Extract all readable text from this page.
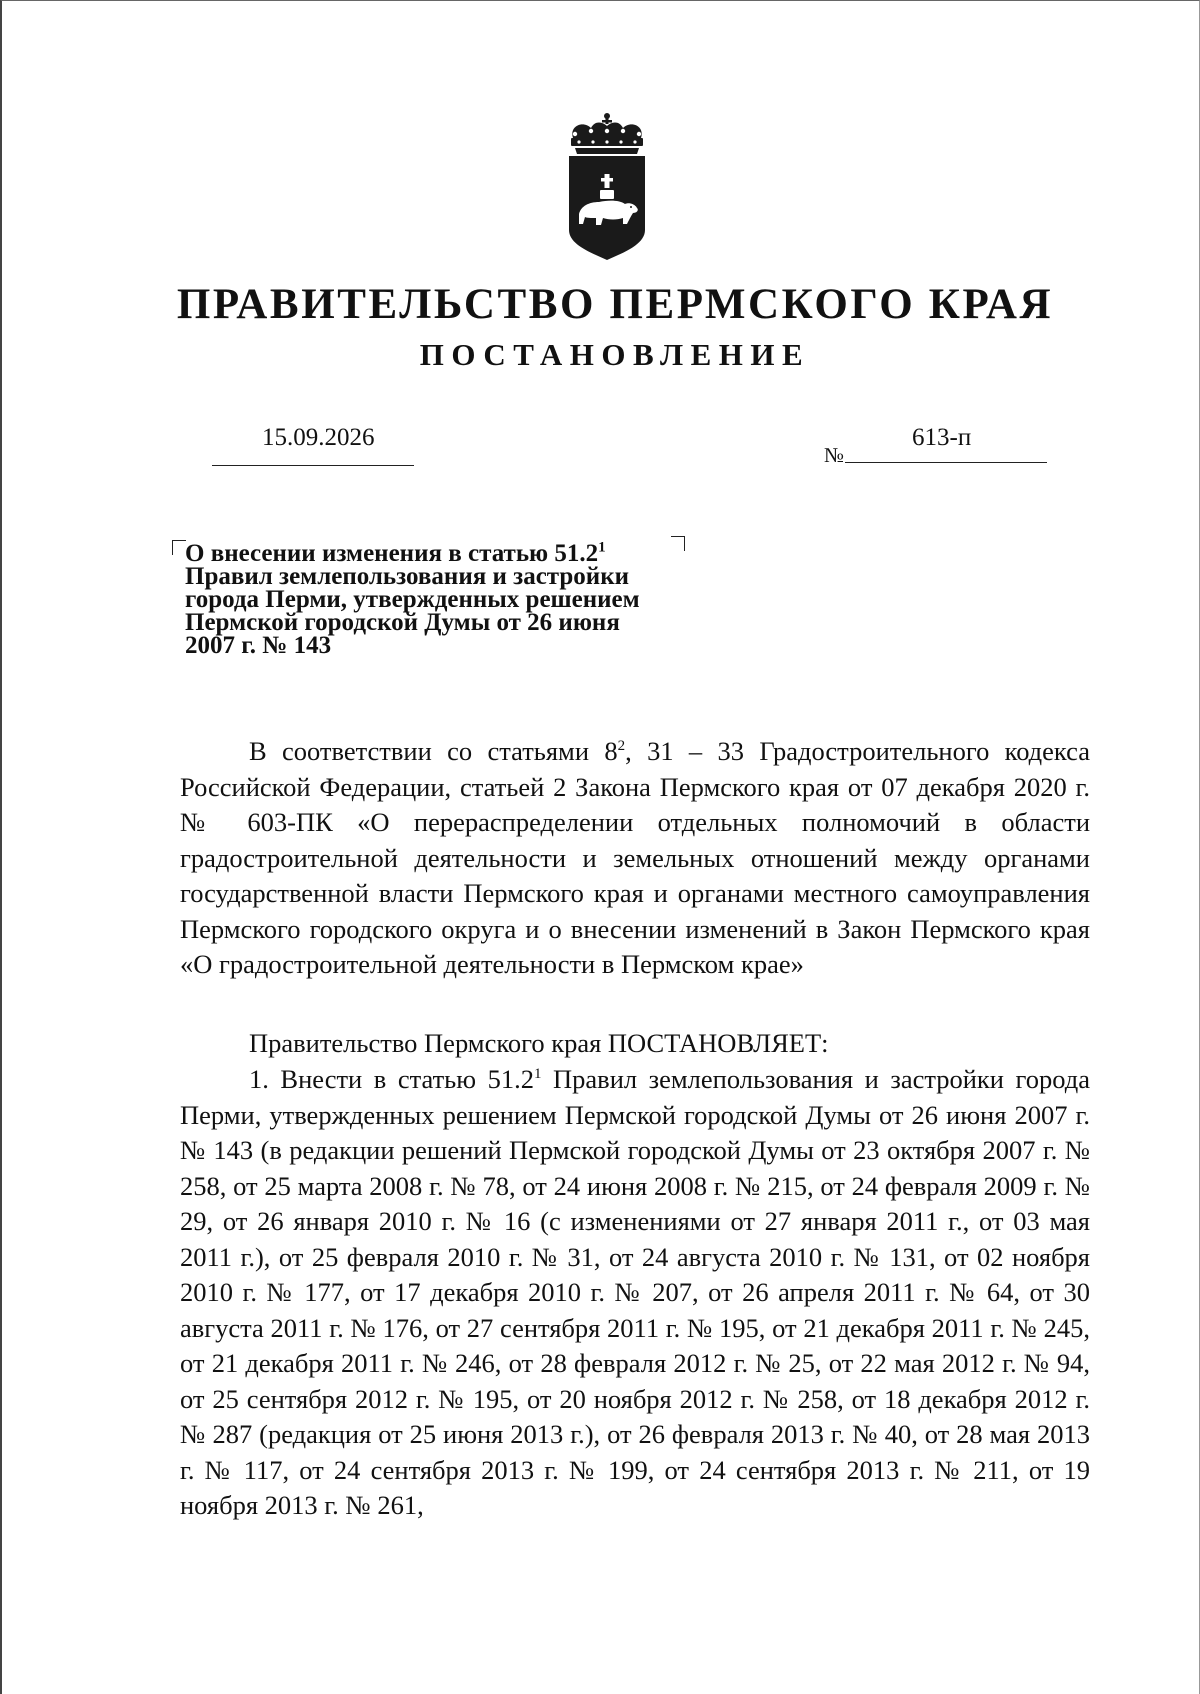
ПРАВИТЕЛЬСТВО ПЕРМСКОГО КРАЯ
ПОСТАНОВЛЕНИЕ
15.09.2026
№
613-п
О внесении изменения в статью 51.2$^1$
Правил землепользования и застройки
города Перми, утвержденных решением
Пермской городской Думы от 26 июня
2007 г. № 143

В соответствии со статьями $8^2$, 31 – 33 Градостроительного кодекса Российской Федерации, статьей 2 Закона Пермского края от 07 декабря 2020 г. № 603-ПК «О перераспределении отдельных полномочий в области градостроительной деятельности и земельных отношений между органами государственной власти Пермского края и органами местного самоуправления Пермского городского округа и о внесении изменений в Закон Пермского края «О градостроительной деятельности в Пермском крае»

Правительство Пермского края ПОСТАНОВЛЯЕТ:

1. Внести в статью 51.2$^1$ Правил землепользования и застройки города Перми, утвержденных решением Пермской городской Думы от 26 июня 2007 г. № 143 (в редакции решений Пермской городской Думы от 23 октября 2007 г. № 258, от 25 марта 2008 г. № 78, от 24 июня 2008 г. № 215, от 24 февраля 2009 г. № 29, от 26 января 2010 г. № 16 (с изменениями от 27 января 2011 г., от 03 мая 2011 г.), от 25 февраля 2010 г. № 31, от 24 августа 2010 г. № 131, от 02 ноября 2010 г. № 177, от 17 декабря 2010 г. № 207, от 26 апреля 2011 г. № 64, от 30 августа 2011 г. № 176, от 27 сентября 2011 г. № 195, от 21 декабря 2011 г. № 245, от 21 декабря 2011 г. № 246, от 28 февраля 2012 г. № 25, от 22 мая 2012 г. № 94, от 25 сентября 2012 г. № 195, от 20 ноября 2012 г. № 258, от 18 декабря 2012 г. № 287 (редакция от 25 июня 2013 г.), от 26 февраля 2013 г. № 40, от 28 мая 2013 г. № 117, от 24 сентября 2013 г. № 199, от 24 сентября 2013 г. № 211, от 19 ноября 2013 г. № 261,
